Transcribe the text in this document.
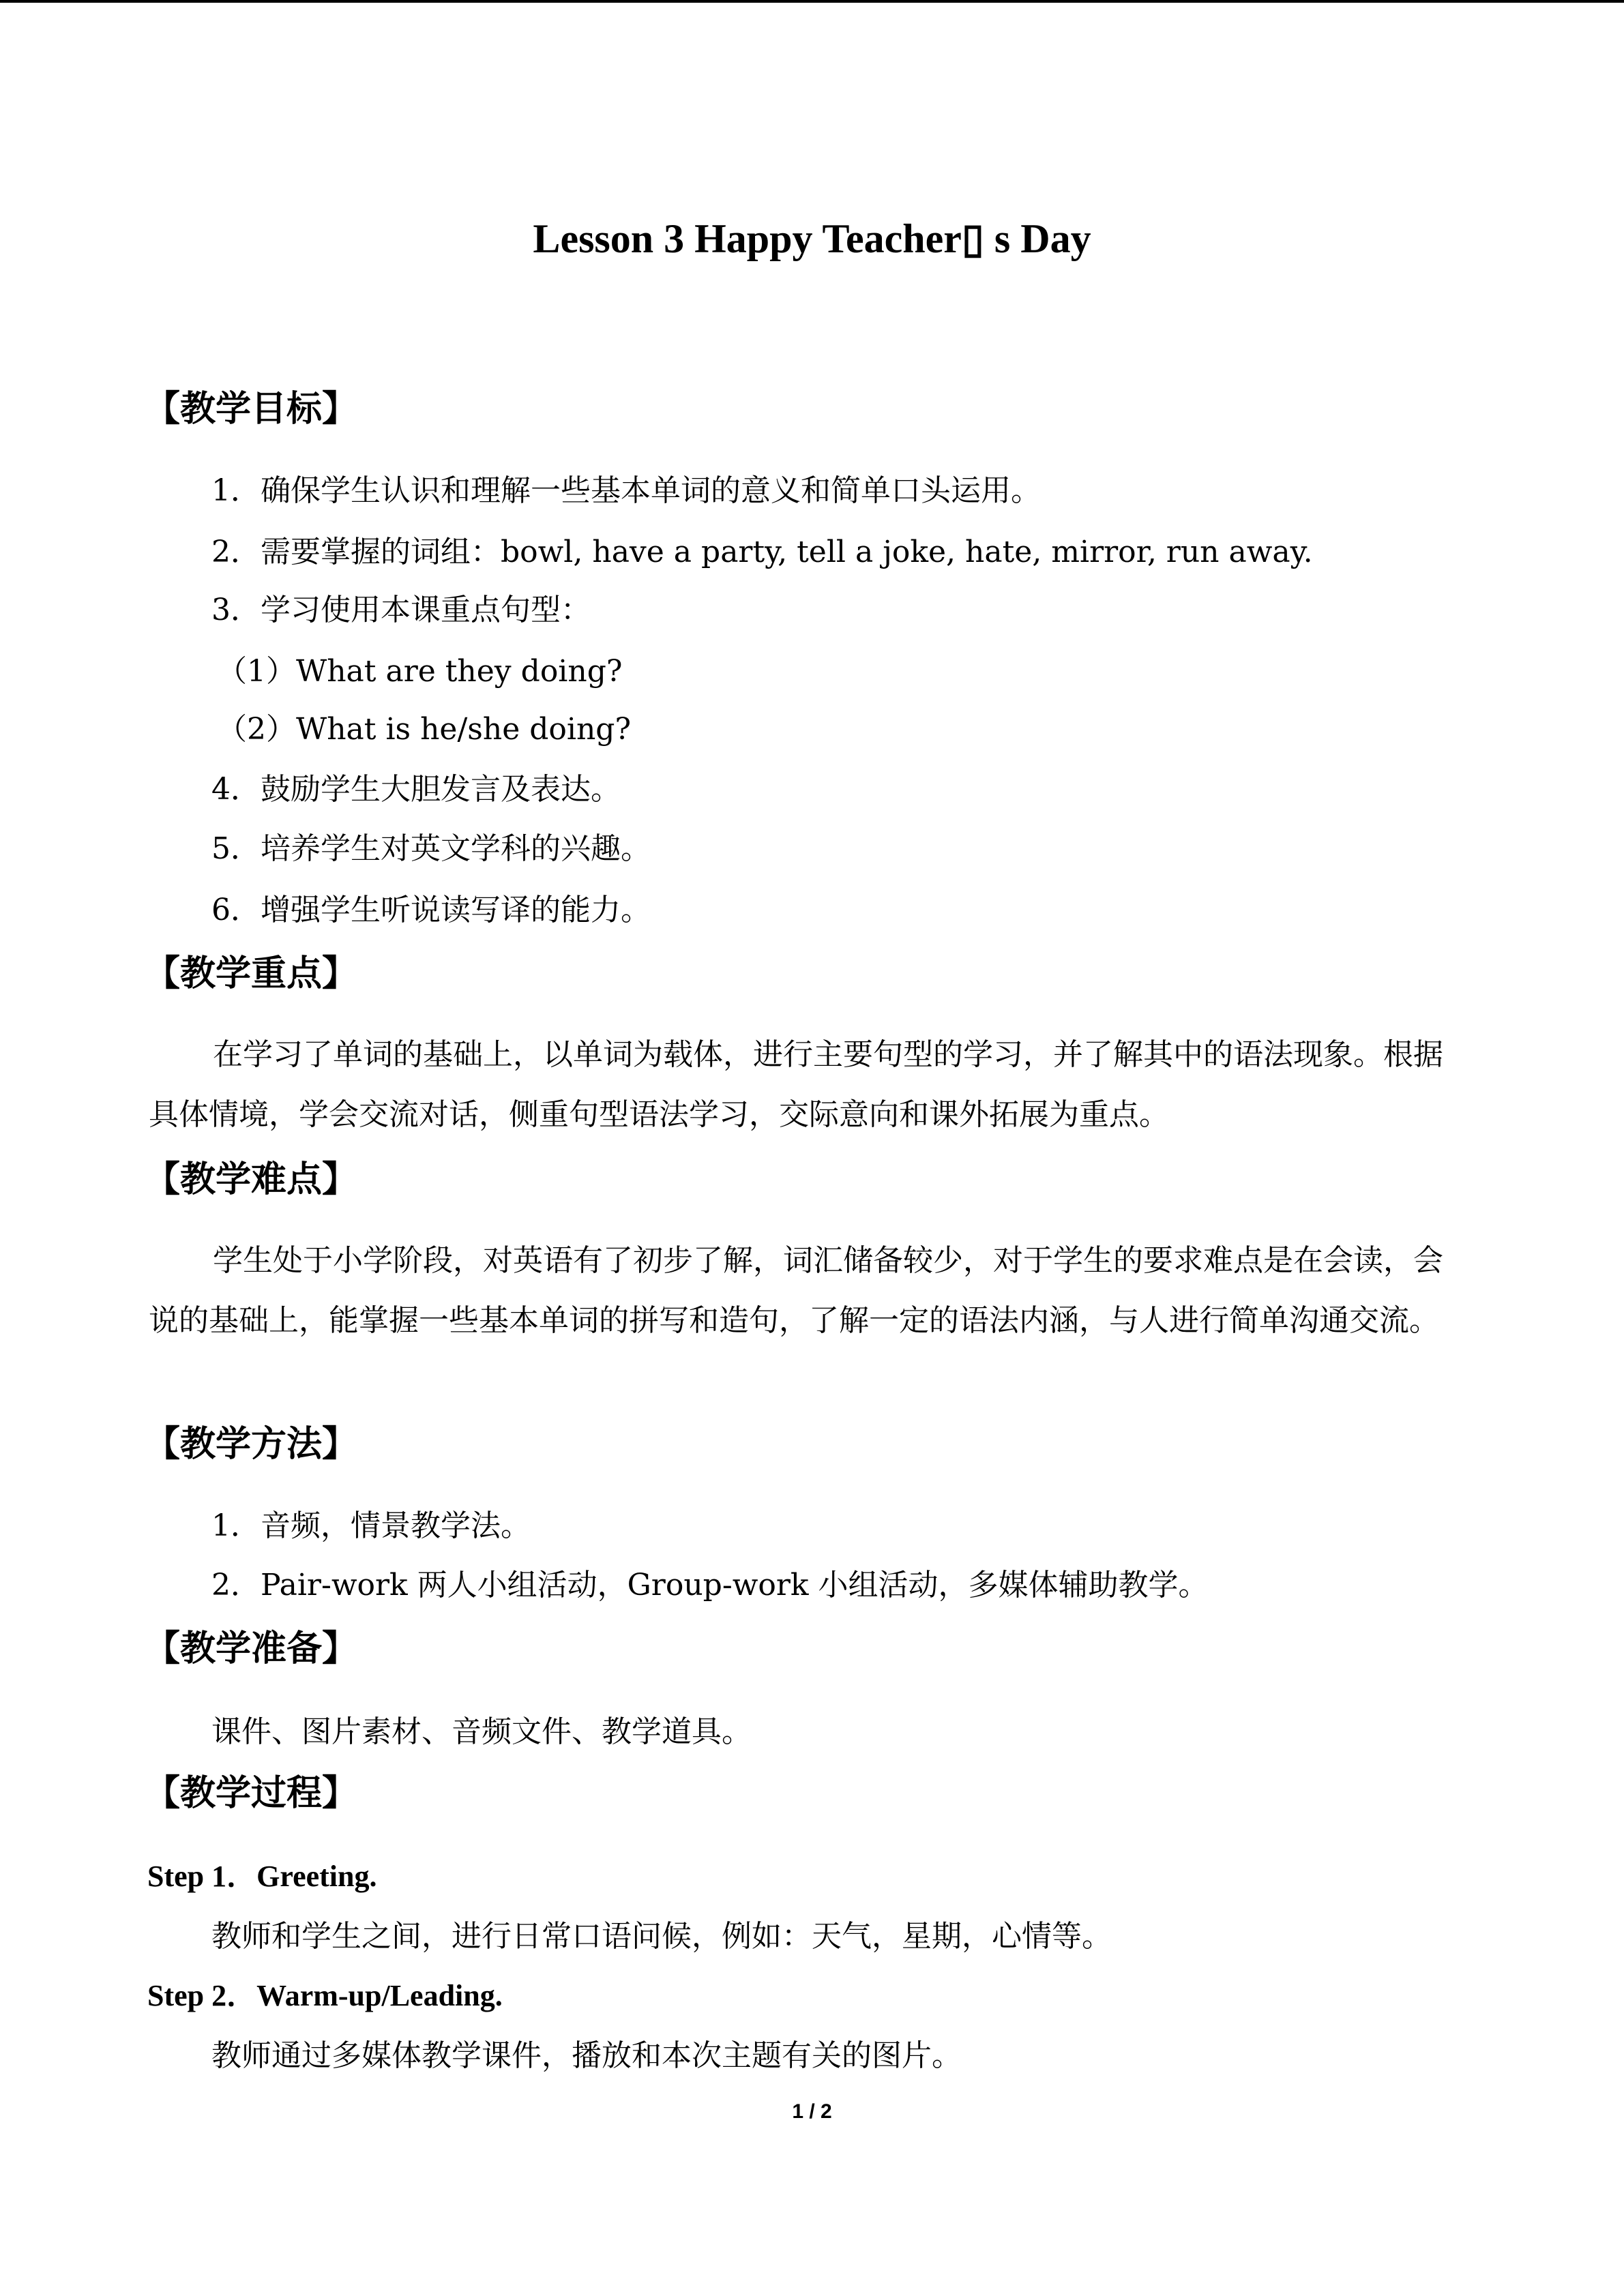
Lesson 3 Happy Teacher▯ s Day
【教学目标】
1．确保学生认识和理解一些基本单词的意义和简单口头运用。
2．需要掌握的词组：bowl, have a party, tell a joke, hate, mirror, run away.
3．学习使用本课重点句型：
（1）What are they doing?
（2）What is he/she doing?
4．鼓励学生大胆发言及表达。
5．培养学生对英文学科的兴趣。
6．增强学生听说读写译的能力。
【教学重点】
在学习了单词的基础上，以单词为载体，进行主要句型的学习，并了解其中的语法现象。根据具体情境，学会交流对话，侧重句型语法学习，交际意向和课外拓展为重点。
【教学难点】
学生处于小学阶段，对英语有了初步了解，词汇储备较少，对于学生的要求难点是在会读，会说的基础上，能掌握一些基本单词的拼写和造句，了解一定的语法内涵，与人进行简单沟通交流。
【教学方法】
1．音频，情景教学法。
2．Pair-work 两人小组活动，Group-work 小组活动，多媒体辅助教学。
【教学准备】
课件、图片素材、音频文件、教学道具。
【教学过程】
Step 1．Greeting.
教师和学生之间，进行日常口语问候，例如：天气，星期，心情等。
Step 2．Warm-up/Leading.
教师通过多媒体教学课件，播放和本次主题有关的图片。
1 / 2
